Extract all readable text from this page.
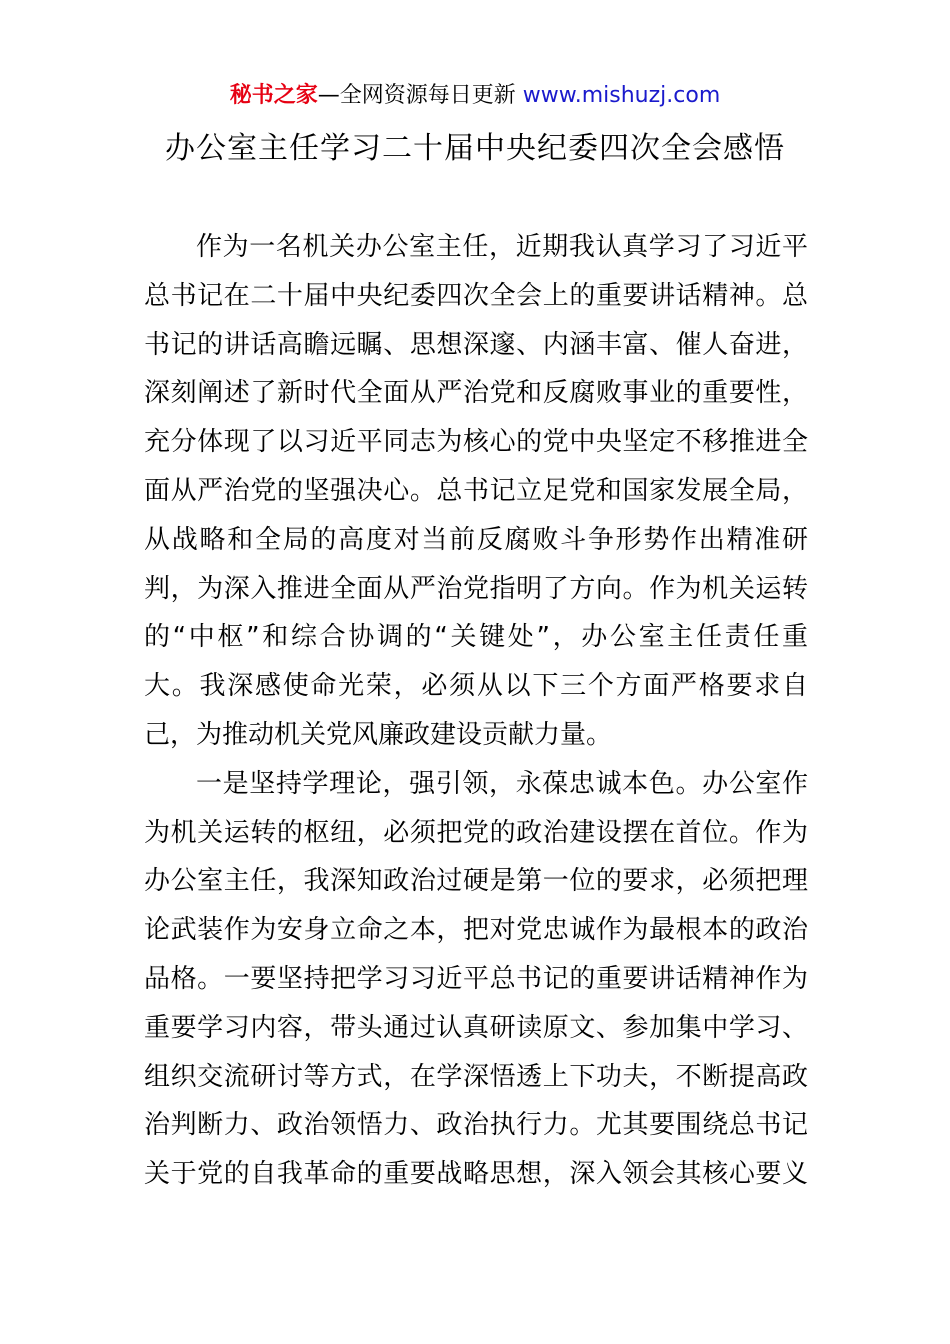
秘书之家—全网资源每日更新 www.mishuzj.com
办公室主任学习二十届中央纪委四次全会感悟
作为一名机关办公室主任，近期我认真学习了习近平
总书记在二十届中央纪委四次全会上的重要讲话精神。总
书记的讲话高瞻远瞩、思想深邃、内涵丰富、催人奋进，
深刻阐述了新时代全面从严治党和反腐败事业的重要性，
充分体现了以习近平同志为核心的党中央坚定不移推进全
面从严治党的坚强决心。总书记立足党和国家发展全局，
从战略和全局的高度对当前反腐败斗争形势作出精准研
判，为深入推进全面从严治党指明了方向。作为机关运转
的“中枢”和综合协调的“关键处”，办公室主任责任重
大。我深感使命光荣，必须从以下三个方面严格要求自
己，为推动机关党风廉政建设贡献力量。
一是坚持学理论，强引领，永葆忠诚本色。办公室作
为机关运转的枢纽，必须把党的政治建设摆在首位。作为
办公室主任，我深知政治过硬是第一位的要求，必须把理
论武装作为安身立命之本，把对党忠诚作为最根本的政治
品格。一要坚持把学习习近平总书记的重要讲话精神作为
重要学习内容，带头通过认真研读原文、参加集中学习、
组织交流研讨等方式，在学深悟透上下功夫，不断提高政
治判断力、政治领悟力、政治执行力。尤其要围绕总书记
关于党的自我革命的重要战略思想，深入领会其核心要义
